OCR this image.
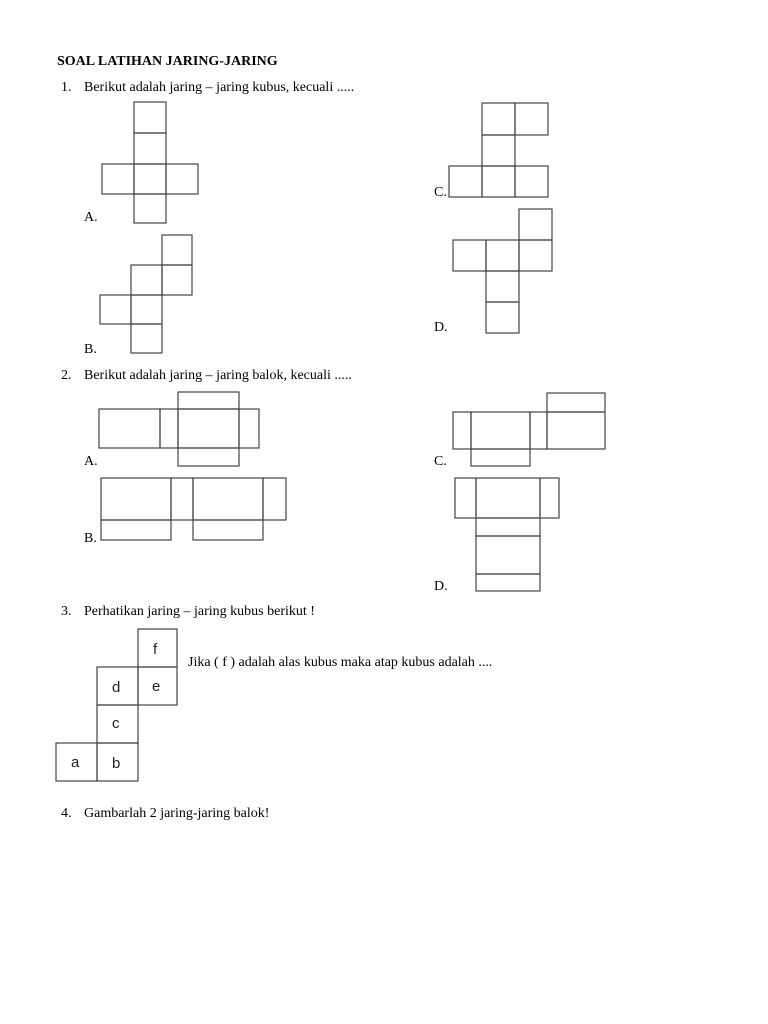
SOAL LATIHAN JARING-JARING
1. Berikut adalah jaring – jaring kubus, kecuali .....
A.
B.
C.
D.
2. Berikut adalah jaring – jaring balok, kecuali .....
A.
B.
C.
D.
3. Perhatikan jaring – jaring kubus berikut !
f
d e
c
a b
Jika ( f ) adalah alas kubus maka atap kubus adalah ....
4. Gambarlah 2 jaring-jaring balok!
